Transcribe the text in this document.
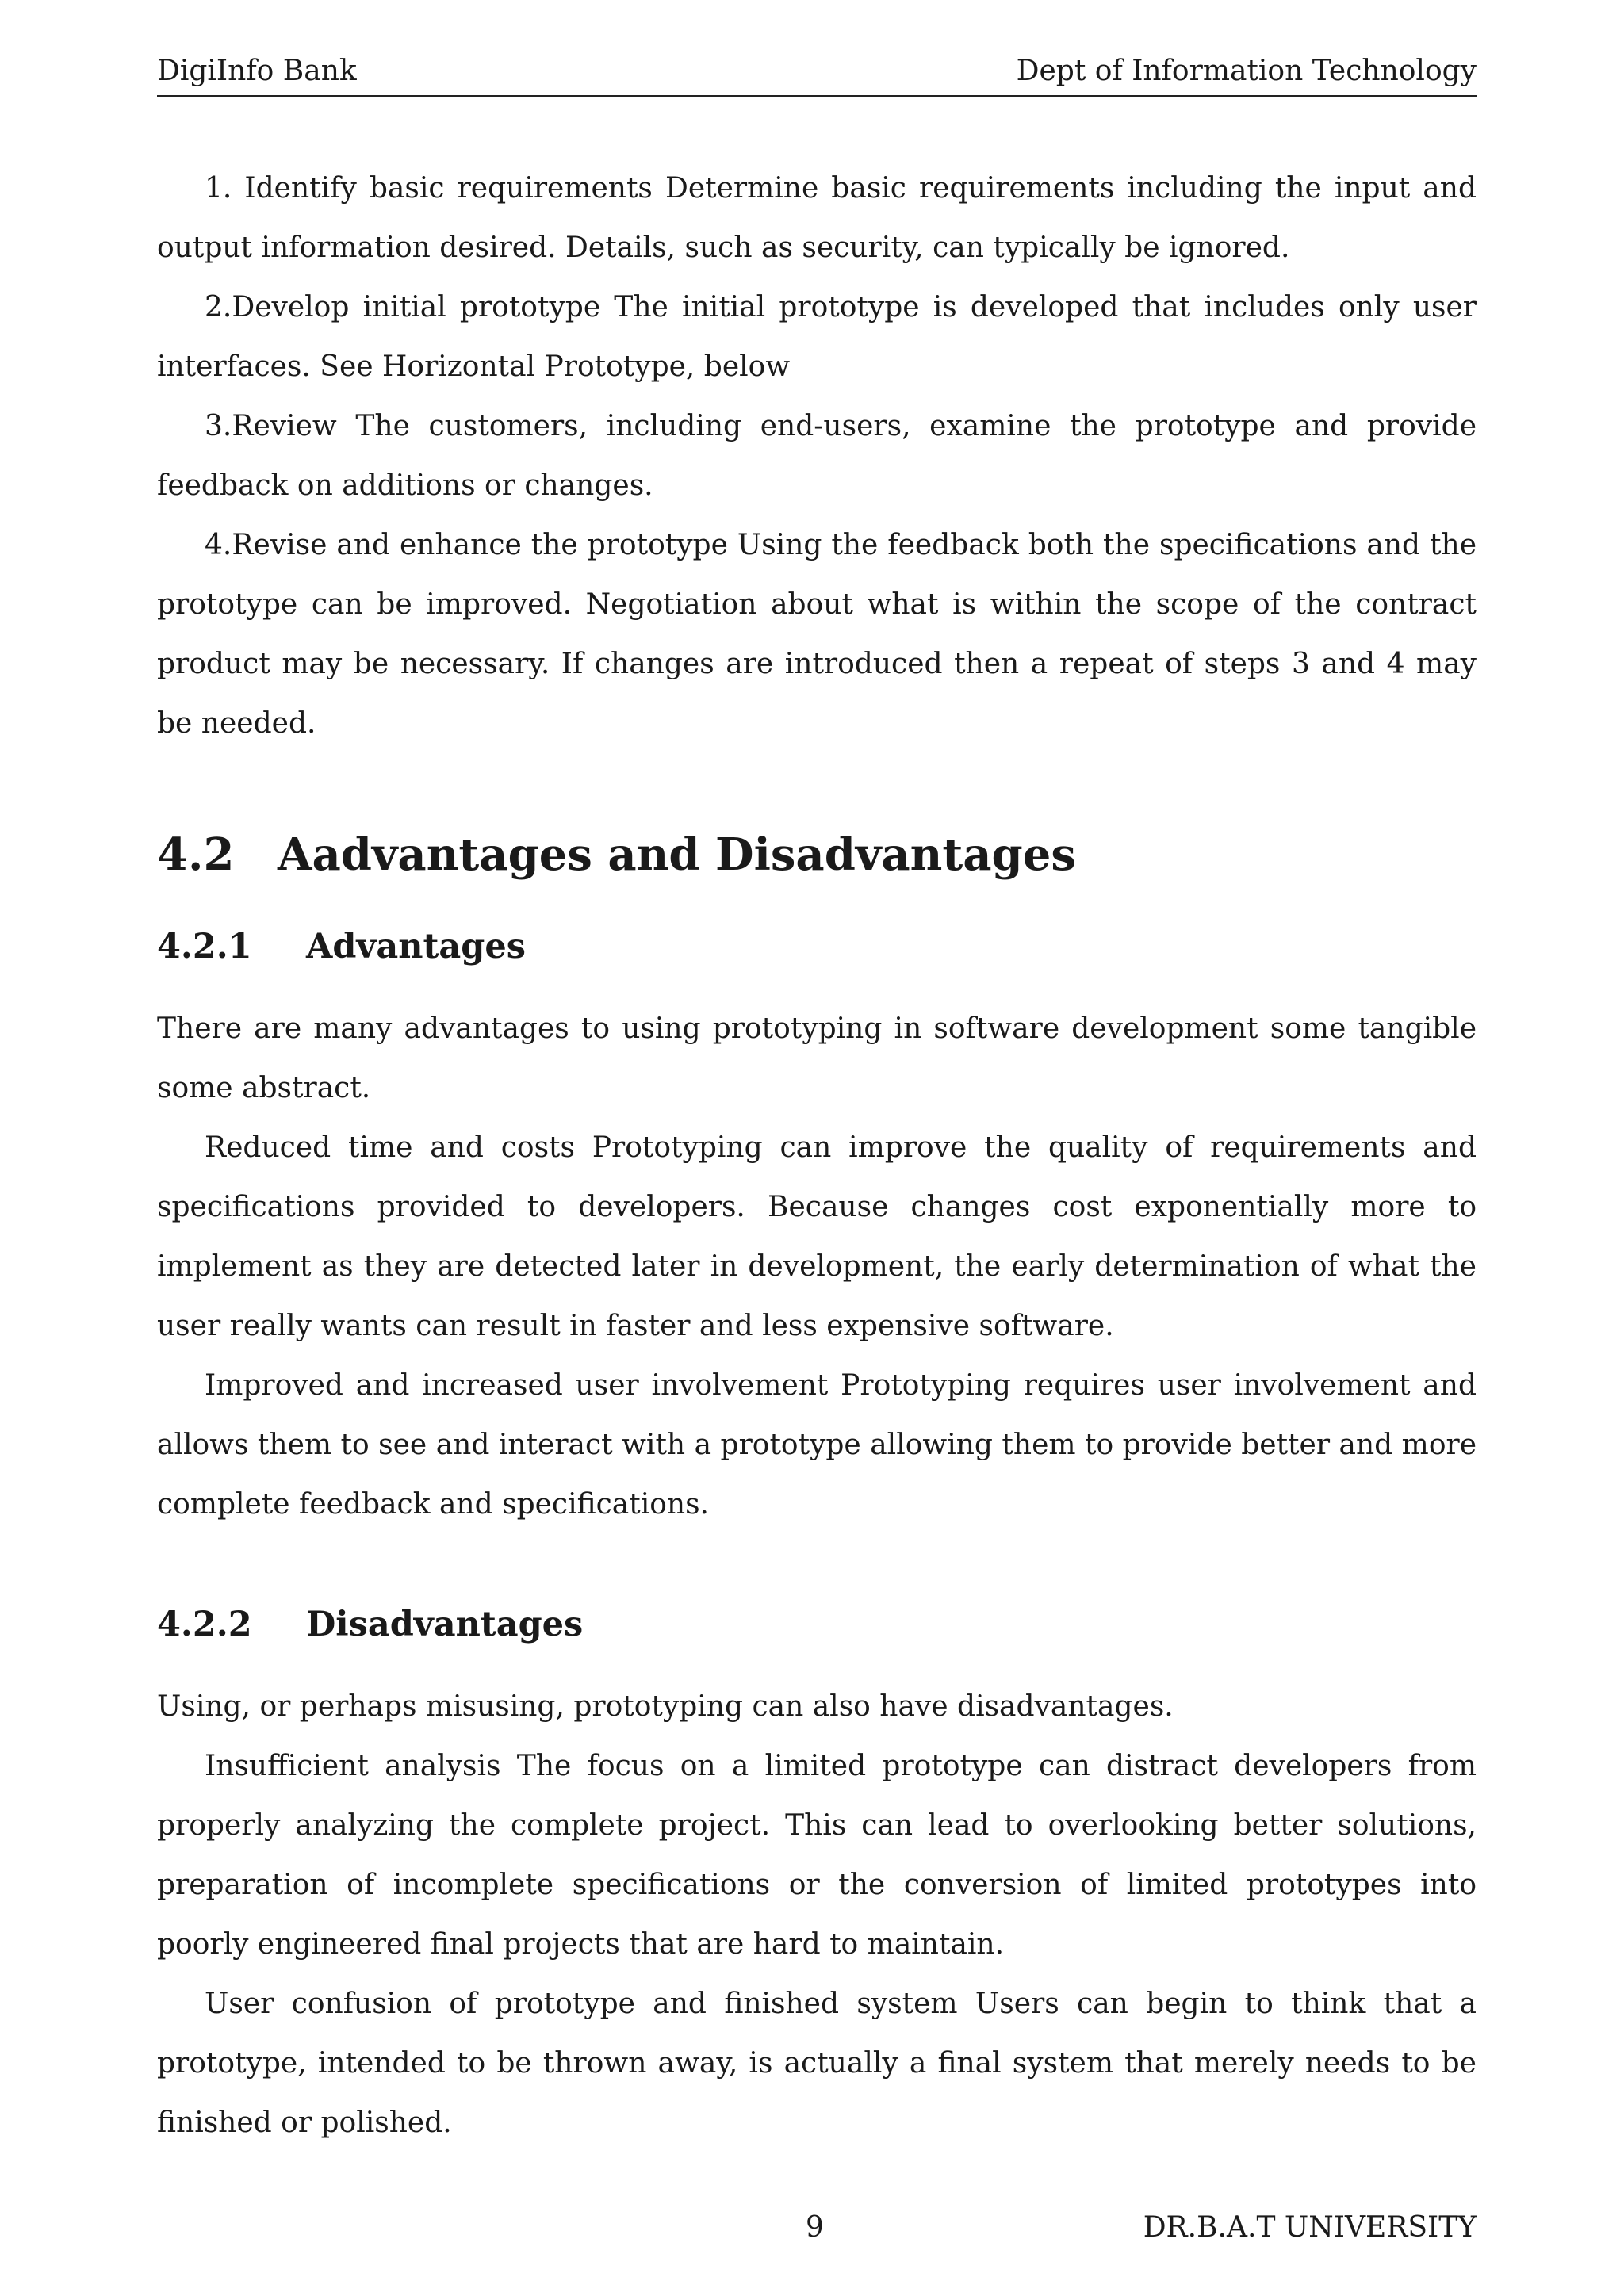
DigiInfo Bank	Dept of Information Technology

1. Identify basic requirements Determine basic requirements including the input and output information desired. Details, such as security, can typically be ignored.

2.Develop initial prototype The initial prototype is developed that includes only user interfaces. See Horizontal Prototype, below

3.Review The customers, including end-users, examine the prototype and provide feedback on additions or changes.

4.Revise and enhance the prototype Using the feedback both the specifications and the prototype can be improved. Negotiation about what is within the scope of the contract product may be necessary. If changes are introduced then a repeat of steps 3 and 4 may be needed.

4.2 Aadvantages and Disadvantages
4.2.1 Advantages

There are many advantages to using prototyping in software development some tangible some abstract.

Reduced time and costs Prototyping can improve the quality of requirements and specifications provided to developers. Because changes cost exponentially more to implement as they are detected later in development, the early determination of what the user really wants can result in faster and less expensive software.

Improved and increased user involvement Prototyping requires user involvement and allows them to see and interact with a prototype allowing them to provide better and more complete feedback and specifications.

4.2.2 Disadvantages

Using, or perhaps misusing, prototyping can also have disadvantages.

Insufficient analysis The focus on a limited prototype can distract developers from properly analyzing the complete project. This can lead to overlooking better solutions, preparation of incomplete specifications or the conversion of limited prototypes into poorly engineered final projects that are hard to maintain.

User confusion of prototype and finished system Users can begin to think that a prototype, intended to be thrown away, is actually a final system that merely needs to be finished or polished.

9	DR.B.A.T UNIVERSITY
